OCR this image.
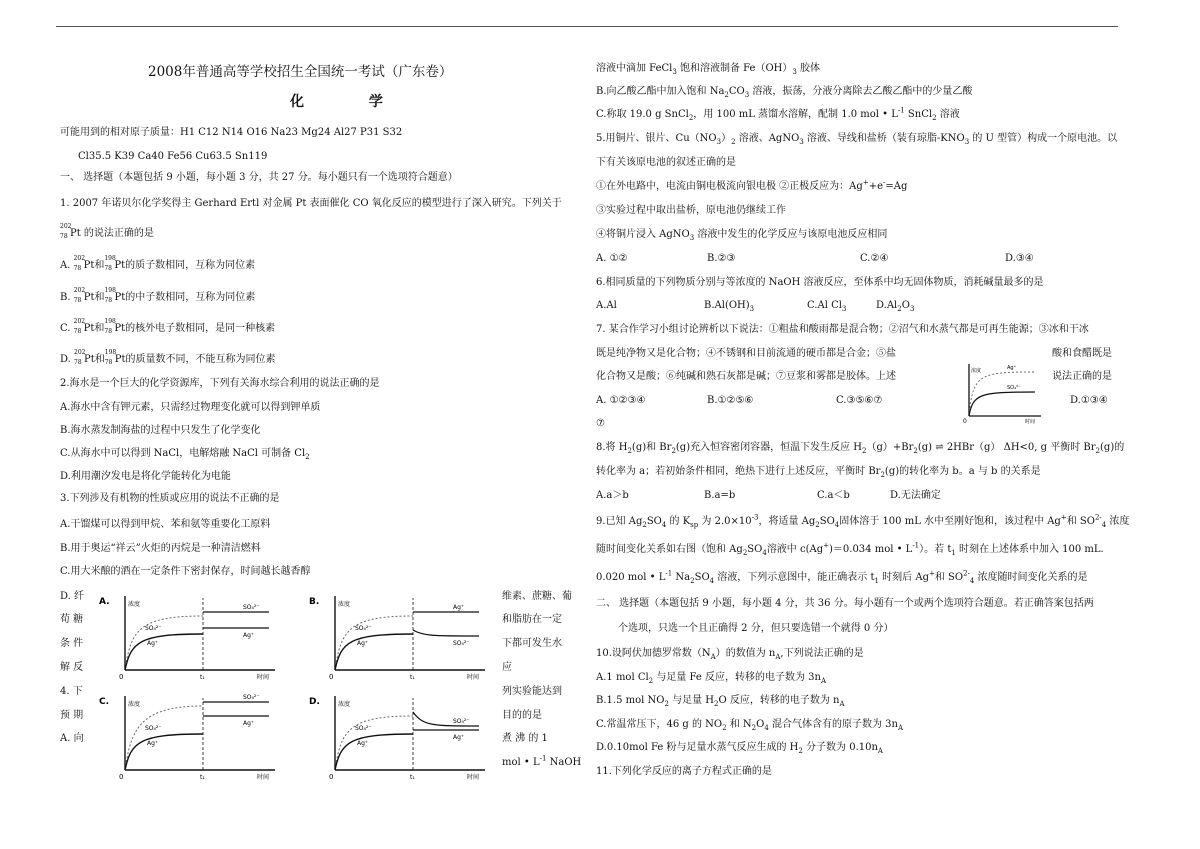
2008年普通高等学校招生全国统一考试（广东卷）
化 学
可能用到的相对原子质量：H1 C12 N14 O16 Na23 Mg24 Al27 P31 S32
Cl35.5 K39 Ca40 Fe56 Cu63.5 Sn119
一、 选择题（本题包括 9 小题，每小题 3 分，共 27 分。每小题只有一个选项符合题意）
1. 2007 年诺贝尔化学奖得主 Gerhard Ertl 对金属 Pt 表面催化 CO 氧化反应的模型进行了深入研究。下列关于
202
78 Pt 的说法正确的是
A.
202
78 Pt和
198
78 Pt的质子数相同，互称为同位素
B.
202
78 Pt和
198
78 Pt的中子数相同，互称为同位素
C.
202
78 Pt和
198
78 Pt的核外电子数相同，是同一种核素
D.
202
78 Pt和
198
78 Pt的质量数不同，不能互称为同位素
2.海水是一个巨大的化学资源库，下列有关海水综合利用的说法正确的是
A.海水中含有钾元素，只需经过物理变化就可以得到钾单质
B.海水蒸发制海盐的过程中只发生了化学变化
C.从海水中可以得到 NaCl，电解熔融 NaCl 可制备 $Cl_2$
D.利用潮汐发电是将化学能转化为电能
3.下列涉及有机物的性质或应用的说法不正确的是
A.干馏煤可以得到甲烷、苯和氨等重要化工原料
B.用于奥运“祥云”火炬的丙烷是一种清洁燃料
C.用大米酿的酒在一定条件下密封保存，时间越长越香醇
D. 纤
荀 糖
条 件
解 反
4. 下
预 期
A. 向
维素、蔗糖、葡
和脂肪在一定
下都可发生水
应
列实验能达到
目的的是
煮 沸 的 1
mol • $L^{-1}$ NaOH
A.	浓度
时间
0	t₁
SO₄²⁻
Ag⁺
SO₄²⁻
Ag⁺
B.	浓度
时间
0	t₁
Ag⁺
SO₄²⁻
SO₄²⁻
Ag⁺
C.	浓度
时间
0	t₁
SO₄²⁻
Ag⁺
SO₄²⁻
Ag⁺
D.	浓度
时间
0	t₁
SO₄²⁻
Ag⁺
SO₄²⁻
Ag⁺
溶液中滴加 FeCl$_3$ 饱和溶液制备 $Fe(OH)_3$ 胶体
B.向乙酸乙酯中加入饱和 $Na_2CO_3$ 溶液，振荡，分液分离除去乙酸乙酯中的少量乙酸
C.称取 19.0 g SnCl$_2$，用 100 mL 蒸馏水溶解，配制 1.0 mol • $L^{-1}$ SnCl$_2$ 溶液
5.用铜片、银片、$Cu(NO_3)_2$ 溶液、AgNO$_3$ 溶液、导线和盐桥（装有琼脂$-KNO_3$ 的 U 型管）构成一个原电池。以
下有关该原电池的叙述正确的是
①在外电路中，电流由铜电极流向银电极 ②正极反应为：Ag++e-=Ag
③实验过程中取出盐桥，原电池仍继续工作
④将铜片浸入 AgNO$_3$ 溶液中发生的化学反应与该原电池反应相同
A. ①②	B.②③	C.②④	D.③④
6.相同质量的下列物质分别与等浓度的 NaOH 溶液反应，至体系中均无固体物质，消耗碱量最多的是
A.Al	$B.Al(OH)_3$	C.Al $Cl_3$	$D.Al_2O_3$
7. 某合作学习小组讨论辨析以下说法：①粗盐和酸雨都是混合物；②沼气和水蒸气都是可再生能源；③冰和干冰
既是纯净物又是化合物；④不锈钢和目前流通的硬币都是合金；⑤盐	酸和食醋既是
化合物又是酸；⑥纯碱和熟石灰都是碱；⑦豆浆和雾都是胶体。上述	说法正确的是
A. ①②③④	B.①②⑤⑥	C.③⑤⑥⑦	D.①③④
⑦
浓度
时间
0
Ag⁺
SO₄²⁻
8.将 $H_2(g)$和 $Br_2(g)$充入恒容密闭容器，恒温下发生反应 $H_2(g)+Br_2(g)$ ⇌ 2HBr（g） ΔH<0, g 平衡时 $Br_2(g)$的
转化率为 a；若初始条件相同，绝热下进行上述反应，平衡时 $Br_2(g)$的转化率为 b。a 与 b 的关系是
A.a＞b	B.a=b	C.a＜b	D.无法确定
9.已知 $Ag_2SO_4$ 的 $K_{sp}$ 为 $2.0\times 10^{-3}$，将适量 $Ag_2SO_4$固体溶于 100 mL 水中至刚好饱和，该过程中 Ag+和 $SO^{2-}_4$ 浓度
随时间变化关系如右图（饱和 $Ag_2SO_4$溶液中 c(Ag+)＝0.034 mol • $L^{-1}$）。若 $t_1$ 时刻在上述体系中加入 100 mL.
0.020 mol • $L^{-1}$ $Na_2SO_4$ 溶液，下列示意图中，能正确表示 $t_1$ 时刻后 Ag+和 $SO^{2-}_4$ 浓度随时间变化关系的是
二、 选择题（本题包括 9 小题，每小题 4 分，共 36 分。每小题有一个或两个选项符合题意。若正确答案包括两
个选项，只选一个且正确得 2 分，但只要选错一个就得 0 分）
10.设阿伏加德罗常数$(N_A)$的数值为 $n_A$,下列说法正确的是
A.1 mol $Cl_2$ 与足量 Fe 反应，转移的电子数为 $3n_A$
B.1.5 mol $NO_2$ 与足量 $H_2O$ 反应，转移的电子数为 $n_A$
C.常温常压下，46 g 的 $NO_2$ 和 $N_2O_4$ 混合气体含有的原子数为 $3n_A$
D.0.10mol Fe 粉与足量水蒸气反应生成的 $H_2$ 分子数为 $0.10n_A$
11.下列化学反应的离子方程式正确的是
